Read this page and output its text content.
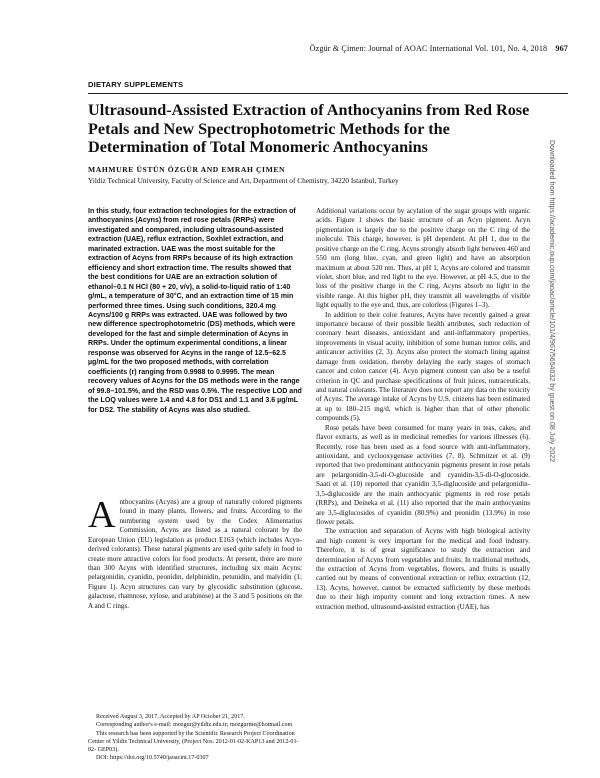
Özgür & Çimen: Journal of AOAC International Vol. 101, No. 4, 2018 967
DIETARY SUPPLEMENTS
Ultrasound-Assisted Extraction of Anthocyanins from Red Rose Petals and New Spectrophotometric Methods for the Determination of Total Monomeric Anthocyanins
MAHMURE ÜSTÜN ÖZGÜR AND EMRAH ÇIMEN
Yildiz Technical University, Faculty of Science and Art, Department of Chemistry, 34220 Istanbul, Turkey

In this study, four extraction technologies for the extraction of anthocyanins (Acyns) from red rose petals (RRPs) were investigated and compared, including ultrasound-assisted extraction (UAE), reflux extraction, Soxhlet extraction, and marinated extraction. UAE was the most suitable for the extraction of Acyns from RRPs because of its high extraction efficiency and short extraction time. The results showed that the best conditions for UAE are an extraction solution of ethanol–0.1 N HCl (80 + 20, v/v), a solid-to-liquid ratio of 1:40 g/mL, a temperature of 30°C, and an extraction time of 15 min performed three times. Using such conditions, 320.4 mg Acyns/100 g RRPs was extracted. UAE was followed by two new difference spectrophotometric (DS) methods, which were developed for the fast and simple determination of Acyns in RRPs. Under the optimum experimental conditions, a linear response was observed for Acyns in the range of 12.5–62.5 µg/mL for the two proposed methods, with correlation coefficients (r) ranging from 0.9988 to 0.9995. The mean recovery values of Acyns for the DS methods were in the range of 99.8–101.5%, and the RSD was 0.5%. The respective LOD and the LOQ values were 1.4 and 4.8 for DS1 and 1.1 and 3.6 µg/mL for DS2. The stability of Acyns was also studied.

A nthocyanins (Acyns) are a group of naturally colored pigments found in many plants, flowers, and fruits. According to the numbering system used by the Codex Alimentarius Commission, Acyns are listed as a natural colorant by the European Union (EU) legislation as product E163 (which includes Acyn-derived colorants). These natural pigments are used quite safely in food to create more attractive colors for food products. At present, there are more than 300 Acyns with identified structures, including six main Acyns: pelargonidin, cyanidin, peonidin, delphinidin, petunidin, and malvidin (1; Figure 1). Acyn structures can vary by glycosidic substitution (glucose, galactose, rhamnose, xylose, and arabinose) at the 3 and 5 positions on the A and C rings.

Received August 3, 2017. Accepted by AP October 21, 2017.

Corresponding author's e-mail: mozgur@yildiz.edu.tr; mozgurme@hotmail.com

This research has been supported by the Scientific Research Project Coordination Center of Yildiz Technical University, (Project Nos. 2012-01-02-KAP13 and 2012-01-02- GEP03).

DOI: https://doi.org/10.5740/jaoacint.17-0307

Additional variations occur by acylation of the sugar groups with organic acids. Figure 1 shows the basic structure of an Acyn pigment. Acyn pigmentation is largely due to the positive charge on the C ring of the molecule. This charge, however, is pH dependent. At pH 1, due to the positive charge on the C ring, Acyns strongly absorb light between 460 and 550 nm (long blue, cyan, and green light) and have an absorption maximum at about 520 nm. Thus, at pH 1, Acyns are colored and transmit violet, short blue, and red light to the eye. However, at pH 4.5, due to the loss of the positive charge in the C ring, Acyns absorb no light in the visible range. At this higher pH, they transmit all wavelengths of visible light equally to the eye and, thus, are colorless (Figures 1–3).

In addition to their color features, Acyns have recently gained a great importance because of their possible health attributes, such reduction of coronary heart diseases, antioxidant and anti-inflammatory properties, improvements in visual acuity, inhibition of some human tumor cells, and anticancer activities (2, 3). Acyns also protect the stomach lining against damage from oxidation, thereby delaying the early stages of stomach cancer and colon cancer (4). Acyn pigment content can also be a useful criterion in QC and purchase specifications of fruit juices, nutraceuticals, and natural colorants. The literature does not report any data on the toxicity of Acyns. The average intake of Acyns by U.S. citizens has been estimated at up to 180–215 mg/d, which is higher than that of other phenolic compounds (5).

Rose petals have been consumed for many years in teas, cakes, and flavor extracts, as well as in medicinal remedies for various illnesses (6). Recently, rose has been used as a food source with anti-inflammatory, antioxidant, and cyclooxygenase activities (7, 8). Schmitzer et al. (9) reported that two predominant anthocyanin pigments present in rose petals are pelargonidin-3,5-di-O-glucoside and cyanidin-3,5-di-O-glucoside. Saati et al. (10) reported that cyanidin 3,5-diglucoside and pelargonidin-3,5-diglucoside are the main anthocyanic pigments in red rose petals (RRPs), and Deineka et al. (11) also reported that the main anthocyanins are 3,5-diglucosides of cyanidin (80.9%) and peonidin (13.9%) in rose flower petals.

The extraction and separation of Acyns with high biological activity and high content is very important for the medical and food industry. Therefore, it is of great significance to study the extraction and determination of Acyns from vegetables and fruits. In traditional methods, the extraction of Acyns from vegetables, flowers, and fruits is usually carried out by means of conventional extraction or reflux extraction (12, 13). Acyns, however, cannot be extracted sufficiently by these methods due to their high impurity content and long extraction times. A new extraction method, ultrasound-assisted extraction (UAE), has

Downloaded from https://academic.oup.com/jaoac/article/101/4/967/5654032 by guest on 08 July 2022
